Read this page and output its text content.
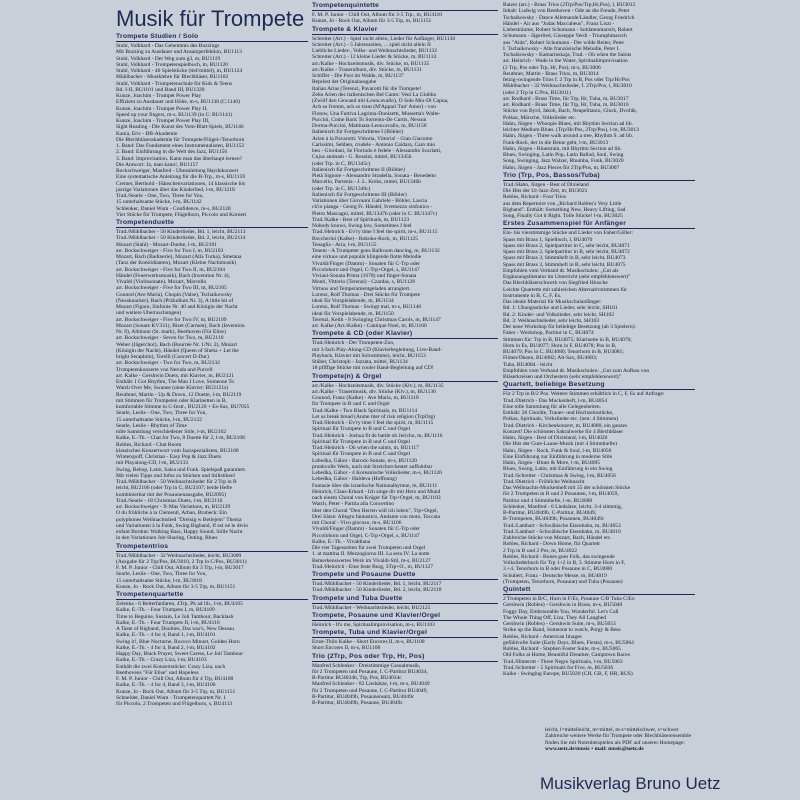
Musik für Trompete
Trompete Studien / Solo
Stuhl, Volkhard - Das Geheimnis des Buzzings
Mit Buzzing zu Ausdauer und Ansatzperfektion, BU1113
Stuhl, Volkhard - Der Weg zum g3, m, BU1119
Stuhl, Volkhard - Trompetenspielbuch, m, BU1120
Stuhl, Volkhard - 40 Spielstücke (tief/mittel), m, BU1124
Mühlbacher - Musiklehre für Blechbläser, BU1102
Stuhl, Volkhard - Trompetenschule für Kids & Teens
Bd. I-II, BU1101 und Band III, BU1328
Kunze, Joachim - Trumpet Power Play
Effizient zu Ausdauer und Höhe, m-s, BU1138 (C:1140)
Kunze, Joachim - Trumpet Power Play II,
Speed up your fingers, m-s, BU1139 (in C: BU1141)
Kunze, Joachim - Trumpet Power Play III,
Sight Reading - Die Kunst des Vom-Blatt-Spiels, BU1146
Kania, Eric - BB-Akademie
Die Blechbläserakademie für Trompete/Flügel-/Tenorhorn
1. Band: Das Fundament eines Instrumentalisten, BU1152
2. Band: Einführung in die Welt des Jazz, BU1156
3. Band: Improvisation. Kann man das überhaupt lernen?
Die Antwort: Ja, man kann!, BU1157
Bockschweiger, Manfred - Übeanleitung Haydnkonzert
Eine systematische Anleitung für die B-Trp., m-s, BU1159
Cremer, Berthold - Hänschenvariationen, 14 klassische bis
jazzige Variationen über das Kinderlied, l-m, BU1218
Trad./Searle - One, Two, Three for You,
15 unterhaltsame Stücke, l-m, BU1142
Schlenker, Daniel Wum - Confidence, m-s, BU2128
Vier Stücke für Trompete, Flügelhorn, Piccolo und Kornett
Trompetenduette
Trad./Mühlbacher - 50 Kinderlieder, Bd. 1, leicht, BU2113
Trad./Mühlbacher - 50 Kinderlieder, Bd. 2, leicht, BU2114
Mozart (Stahl) - Mozart-Duette, l-m, BU2101
arr. Bockschweiger - Five for Two I, m, BU2103
Mozart, Bach (Badinerie), Mozart (Alla Turka), Smetana
(Tanz der Komödianten), Mozart (Kleine Nachtmusik)
arr. Bockschweiger - Five for Two II, m, BU2104
Händel (Feuerwerksmusik), Bach (Invention Nr. 4),
Vivaldi (Violinsonate), Mozart, Marcello
arr. Bockschweiger - Five for Two III, m, BU2105
Gounod (Ave Maria), Chopin (Valse), Tschaikowsky
(Nussknacker), Bach (Präludium Nr. 3), A little bit of
Mozart (Figaro, Sinfonie Nr. 40 and Königin der Nacht
und weitere Überraschungen)
arr. Bockschweiger - Five for Two IV, m, BU2109
Mozart (Sonate KV331), Bizet (Carmen), Bach (Invention
Nr. 8), Albinoni (St. mark), Beethoven (Für Elise)
arr. Bockschweiger - Seven for Two, m, BU2110
Weber (Jägerchor), Bach (Bourrée Nr. 1/Nr. 2), Mozart
(Königin der Nacht), Händel (Queen of Sheba + Let the
bright Seraphim), Torelli (Concert D-Dur)
arr. Bockschweiger - Two for Two, m, BU2132
Trompetenkonzerte von Neruda und Purcell
arr. Kalke - Gershwin Duets, mit Klavier, m, BU2121
Enthält: I Got Rhythm, The Man I Love, Someone To
Watch Over Me, Swanee (ohne Klavier: BU2121s)
Reuthner, Martin - Up & Down, 12 Duette, l-m, BU2119
mit Stimmen für Trompeten oder Klarinetten in B,
komfortable Stimme in C-Instr., BU2120 + Es-Sax, BU7055
Searle, Leslie - One, Two, Three for You,
15 unterhaltsame Stücke, l-m, BU2122
Searle, Leslie - Rhythm of Time
tolle Sammlung verschiedener Stile, l-m, BU2102
Kalke, E.-Th. - Chat for Two, 8 Duette für 2, l-m, BU2108
Robles, Richard - Chat Room
klassisches Konzertwort vom Jazzspezialisten, BU2108
Winterspoff, Christian - Easy Pop & Jazz Duets
mit Playalong-CD, l-m, BU2133
Swing, Bebop, Latin, Salsa und Funk. Spielspaß garantiert.
Mit vielen Tipps und Infos zu Stücken und Stilistiken!
Trad./Mühlbacher - 50 Weihnachtslieder für 2 Trp in B
leicht, BU2106 (oder Trp in C, BU2107; beide Hefte
kombinierbar mit der Posaunenausgabe, BU2095)
Trad./Searle - 18 Christmas Duets, l-m, BU2116
arr. Bockschweiger - X-Mas Variations, m, BU2129
O du fröhliche à la Clementi, Arban, Brubeck: Ein
polyphones Weihnachtslied "Dreisig w Betlejem" Thema
und Variationen à la Funk, Swing Bigband, If est né le divin
enfant Bordun: Walking Bass, Happy Sound, Stille Nacht
in den Variationen Job-Sharing, Outing, Blues
Trompetentrios
Trad./Mühlbacher - 32 Weihnachtslieder, leicht, BU3009
(Ausgabe für 2 Trp/Pos, BU3010, 2 Trp in C/Pos, BU3011)
F. M. P. Junior - Chill Out, Album für 3 Trp, l-m, BU3017
Searle, Leslie - One, Two, Three for You,
15 unterhaltsame Stücke, l-m, BU3018
Kunze, Jo - Rock Out, Album für 3-5 Trp, m, BU1151
Trompetenquartette
Zelenka - 6 Reiterfanfaren, 4Trp, Pk ad lib., l-m, BU4105
Kalke, E.-Th. - Four Trumpets I, m, BU4109
Time to Beguine, Sustain, Le Joli Tambour, Backlash
Kalke, E.-Th. - Four Trumpets II, l-m, BU4110
A Taste of Bigband, Doubles, Das war's, New Dessau
Kalke, E.-Th. - 4 for 4, Band 1, l-m, BU4101
Swing it!, Blue Nocturne, Rococo Minuet, Golden Horn
Kalke, E.-Th. - 4 for 4, Band 2, l-m, BU4102
Happy Day, Black Prayer, Sweet Caress, Le Joli Tambour
Kalke, E.-Th. - Crazy Liza, l-m, BU4103
Enthält die zwei Konzertstücke: Crazy Liza, nach
Beethovens "Für Elise" und Hopeless
F. M. P. Junior - Chill Out, Album für 4 Trp, BU4108
Kalke, E.-Th. - 4 for 4, Band 3, l-m, BU4106
Kunze, Jo - Rock Out, Album für 3-5 Trp, m, BU1151
Schneider, Daniel Wum - Trompetenquartett Nr. 1
für Piccolo, 2 Trompeten und Flügelhorn, s, BU4113
Trompetenquintette
F. M. P. Junior - Chill Out, Album für 3-5 Trp., m, BU4110
Kunze, Jo - Rock Out, Album für 3-5 Trp, m, BU1151
Trompete & Klavier
Schreiter (Arr.) - Spiel nicht allein, Lieder für Anfänger, BU1130
Schreiter (Arr.) - 5 Jahreszeiten, ... spiel nicht allein II
Liebliche Lieder-, Volks- und Weihnachtslieder, BU1132
Schreiter (Arr.) - 12 kleine Lieder & Stücke, m, BU1133
arr./Kalke - Hochzeitsmusik, div. Stücke, m, BU1135
arr./Kalke - Traueralbum, div. Stücke, m, BU1131
Schiffer - Die Post im Walde, m, BU1137
Repriest der Originalausgabe
Italian Arias (Terenzi, Pavarotti für die Trompete!
Zehn Arien des italienischen Bel Canto: Vení La Giubba
(Zwölf den Gewand mit-Leoncavallo), O Sole Mio-Di Capua,
Ach so fromm, ach so traut (M'Apparì Tutt' Amor) - von
Flotow, Una Furtiva Lagrima-Donizetti, Mussetta's Walte-
Puccini, Come Back To Sorrento-De Curtis, Nessun
Dorma-Puccini, Mattinata-Leoncavallo, m, BU1158
Italienisch für Fortgeschrittene I (Böhler)
Arien à la Pavarotti: Vittoria, Vittoria! - Gian Giacomo
Carissimi, Sebben, crudele - Antonio Caldara, Caro mio
ben - Giordani, Se Florindo è fedele - Alessandro Scarlatti,
Cujus animam - G. Rossini, mittel, BU1345b
(oder Trp. in C, BU1345c)
Italienisch für Fortgeschrittene II (Böhler)
Pietà Signore - Alessandro Stradella, Sonata - Benedetto
Marcello, Partenia - J. L. Krebs, mittel, BU1346b
(oder Trp. in C, BU1346c)
Italienisch für Fortgeschrittene III (Böhler)
Variationen über Giovanni Gabriele - Böhler, Lascia
ch'io pianga - Georg Fr. Händel, Ivremezzo sinfonico -
Pietro Mascagni, mittel, BU1347b (oder in C: BU1347c)
Trad./Kalke - Best of Spirituals, m, BU1123
Nobody knows, Swing low, Sometimes I feel
Trad./Heinrich - Ev'ry time I feel the spirit, m-s, BU1115
Boccherini (Kalke) - Rokoko-Rock, m, BU1125
Tenaglia - Aria, l-m, BU1155
Tenent - A Trumpeter goes Ballroom dancing, m, BU1132
eine virtuos und populär klingende flotte Melodie
Vivaldi/Finger (Damm) - Sonaten für C-Trp oder
Piccolohorn und Orgel, C-Trp+Orgel, s, BU1147
Viviani-Sonata Prima (1678) und finger-Sonata
Monti, Vittorio (Terenzi) - Czardas, s, BU1128
Virtuos und Temperamentgeladen arrangiert.
Lorenz, Rolf Thomas - Drei Stücke für Trompete
ideal für Vorspielabende, m, BU1134
Lorenz, Rolf Thomas - Swingt mal, m-s, BU1146
ideal für Vorspielabende, m, BU1150
Terenzi, Keith - 8 Swinging Christmas Carols, m, BU1147
arr. Kalke (Arr./Kalke) - Cantique Noel, m, BU1160
Trompete & CD (oder Klavier)
Trad./Heinrich - Der Trompeten-Zoo,
mit 3-fach Play-Along-CD (Klavierbegleitung, Live-Band-
Playback, Klavier mit Solostimme), leicht, BU1153
Stüber, Christoph - Jazzata, mittel, BU1134
18 pfiffige Stücke mit cooler Band-Begleitung auf CD!
Trompete(n) & Orgel
arr./Kalke - Hochzeitsmusik, div. Stücke (Klv.), m, BU1135
arr./Kalke - Trauermusik, div. Stücke (Klv.), m, BU1136
Gounod, Franz (Kalke) - Ave Maria, m, BU1118
für Trompete in B und C und Orgel
Trad./Kalke - Two Black Spirituals, m, BU1114
Let us break bread (Anme titer of risk religion (TrpOrg)
Trad./Heinrich - Ev'ry time I feel the spirit, m, BU1115
Spiritual für Trompete in B und C und Orgel
Trad./Heinrich - Joshua fit de battle ob Jericho, m, BU1116
Spiritual für Trompete in B und C und Orgel
Trad./Heinrich - Oh when the saints, m, BU1117
Spiritual für Trompete in B und C und Orgel
Lebedka, Gábor - Barock-Sonate, m-s, BU1120
prunkvolle Werk, nach mit Streichorchester auffuhrbar
Lebedka, Gábor - 4 Koreanische Volkslieder, m-s, BU1126
Lebedka, Gábor - Haldeva (Hoffnung)
Fantasie über die israelische Nationalhymne, m, BU1111
Heinrich, Claus-Erhard - Ich singe dir mit Herz und Mund
nach einem Choral von Krüger für Trp+Orgel, m, BU1103
Watch, Peter - Partita alla Concertino
über den Choral "Den Herren will ich loben", Trp+Orgel,
Drei Sätze: Allegro fantastico, Andante con moto, Toccata
mit Choral - Vivo giocoso, m-s, BU1106
Vivaldi/Finger (Damm) - Sonaten für C-Trp oder
Piccolohorn und Orgel, C-Trp+Orgel, s, BU1147
Kalke, E.-Th. - Vivaldiana
Die vier Tageszeiten für zwei Trompeten und Orgel
1. at mattina II. Mezzogiorno III. La sera IV. La notte
Bemerkenswertes Werk im Vivaldi-Stil, m-s, BU2127
Trad./Heinrich - Eine feste Burg, 3Trp+O., m, BU1127
Trompete und Posaune Duette
Trad./Mühlbacher - 50 Kinderlieder, Bd. 1, leicht, BU2117
Trad./Mühlbacher - 50 Kinderlieder, Bd. 2, leicht, BU2118
Trompete und Tuba Duette
Trad./Mühlbacher - Weihnachtslieder, leicht, BU2125
Trompete, Posaune und Klavier/Orgel
Heinrich - It's me, Spiritualimprovisation, m-s, BU1103
Trompete, Tuba und Klavier/Orgel
Ernst-Thilo Kalke - Short Encores II, m-s, BU1108
Short Encores II, m-s, BU1108
Trio (2Trp, Pos oder Trp, Hr, Pos)
Manfred Schlenker - Dreistimmige Casualmusik,
für 2 Trompeten und Posaune, I. C-Partitur BU4034,
B-Partitur BU4034b, Trp, Pos, BU4034c
Manfred Schlenker - 82 Liedsätze, l-m, m-s, BU4049
für 2 Trompeten und Posaune, I. C-Partitur BU4049,
B-Partitur, BU4049b, Posaunensatz, BU4049c
B-Partitur, BU4049b, Posaune, BU4049c
Ratzer (arr.) - Brass Trios (2Trp/Pos/Trp,Hr,Pos), l, BU3012
Inhalt: Ludwig von Beethoven - Ode an die Freude, Peter
Tschaikowsky - Dance Allemande/Ländler, Georg Friedrich
Händel - Air aus "Judas Maccabeus", Franz Liszt -
Liebesträume, Robert Schumann - Soldatenmarsch, Robert
Schumann - Jägerlied, Giuseppe Verdi - Triumphmarsch
aus "Aida", Robert Schumann - Der wilde Reiter, Peter
I. Tschaikowsky - Alte französische Melodie, Peter I.
Tschaikowsky - Kamarinskaja, Trad. - Oh when the Saints
arr. Heinrich - Wade in the Water, Spiritualimprovisation
(2 Trp, Pos oder Trp, Hr, Pos), m-s, BU3006
Reuthner, Martin - Brass Trios, m, BU3014
fetzig-swingende Trios f. 2 Trp in B, Pos oder Trp/Hr/Pos
Mühlbacher - 32 Weihnachtslieder, f. 2Trp/Pos, l, BU3010
(oder 2 Trp in C/Pos, BU3011)
arr. Rodhard - Brass Time, für Trp, Hr, Tuba, m, BU3017
arr. Rodhard - Brass Time, für Trp, Hr, Tuba, m, BU3016
Stücke von Byrd, Jakob, Bach, Neapelitanio, Gluck, Dvořák,
Polkas, Märsche, Volkslieder etc.
Hahn, Jürgen - Whoopie Blues, mit Rhythm Section ad lib.
leichter Medium Blues. (Trp/Hr/Pos, 2Trp/Pos), l-m, BU3013
Hahn, Jürgen - Three walk around a tree, Rhythm S. ad lib.
Funk-Rock, der in die Beine geht, l-m, BU3013
Hahn, Jürgen - Bluestrain, mit Rhythm Section ad lib.
Blues, Swinging, Latin Pop, Latin Ballad, Soul, Swing
Song, Swinging, Jazz Walzer, Rhumba, Funk, BU3020
Hahn, Jürgen - Jazz Pieces für 2Trp/Pos, m, BU3007
Trio (Trp, Pos, Bassos/Tuba)
Trad./Hahn, Jürgen - Best of Dixieland
Die Hits der Ur-Jazz-Zeit, m, BU3021
Robles, Richard - Four Trios
aus dem Repertoire von „Richard Robles's Very Little
Bigband". Enthält: Something New, Heavy Lifting, Sad
Song, Finally Got it Right. Tolle Stücke! l-m, BU3025
Erstes Zusammenspiel für Anfänger
Ein- bis vierstimmige Stücke und Lieder von Faber/Göller:
Spass mit Brass 1, Spielbuch, l, BU4070
Spass mit Brass 2, Spielpartitur in C, sehr leicht, BU4071
Spass mit Brass 2, Spielpartitur in B, sehr leicht, BU4072
Spass mit Brass 3, Stimmheft in B, sehr leicht, BU4073
Spass mit Brass 3, Stimmheft in B, sehr leicht, BU4075
Empfohlen vom Verband dt. Musikschulen: „Gut als
Ergänzungsliteratur im Unterricht (sehr empfehlenswert)"
Das Blechbläserschwerk von Siegfried Hinsche
Leichte Quartette mit zahlreichen Alternativstimmen für
Instrumente in B, C, F, Es.
Das ideale Material für Musikschulanfänger:
Bd. 1: Übungsstücke und Lieder, sehr leicht, SH101
Bd. 2: Kinder- und Volkslieder, sehr leicht, SH102
Bd. 3: Weihnachtslieder, sehr leicht, SH103
Der neue Workshop für beliebige Besetzung (ab 3 Spielern):
Faber - Workshop, Partitur in C, BU4074
Stimmen für: Trp in B, BU4075; Klarinette in B, BU4076;
Horn in Es, BU4077; Horn in F, BU4078; Pos in B,
BU4079; Pos in C, BU4080; Tenorhorn in B, BU4081;
Flöten/Oboen, BU4082; Alt-Sax, BU4083;
Tuba, BU4084 - leicht
Empfohlen vom Verband dt. Musikschulen: „Gut zum Aufbau von
Bläserkreisen und Orchestern (sehr empfehlenswert)"
Quartett, beliebige Besetzung
Für 2 Trp in B/2 Pos. Weitere Stimmen erhältlich in C, F, Es auf Anfrage:
Trad./Dietrich - Das Muckenheft, l-m, BU4054
Eine tolle Sammlung für alle Gelegenheiten.
Enthält: 26 Choräle, Trauer- und Hochzeitsstücke,
Polkas, Spirituals, Volkslieder etc. (neu: 4 Stimmen)
Trad./Dietrich - Kirchenkonzert, m, BU4080, ein ganzes
Konzert! Die schönsten Sakralwerke für 4 Blechbläser
Hahn, Jürgen - Best of Dixieland, l-m, BU4020
Die Hits der Gute-Laune-Musik (mit 4 Stimmhefte)
Hahn, Jürgen - Rock, Funk & Soul, l-m, BU4050
Eine Einführung zur Einführung in moderne Stile
Hahn, Jürgen - Blues & More, l-m, BU4095
Blues, Swing, Latin, mit Einführung in ein Swing
Trad./Schreiter - Christmas & Swing, l-m, BU4056
Trad./Dietrich - Fröhliche Weihnacht
Das Weihnachts-Muckenheft mit 35 der schönsten Stücke
für 2 Trompeten in B und 2 Posaunen, l-m, BU4059,
Partitur und 4 Stimmhefte, l-m, BU4088
Schlenker, Manfred - 6 Liedsätze, leicht, 3-4 stimmig,
B-Partitur, BU4049b, C-Partitur, BU4049,
B-Trompeten, BU4049b, Posaunen, BU4049c
Trad./Lambart - Schwäbische Eisenbahn, m, BU4053
Trad./Lambart - Schwäbische Eisenbahn, m, BU4010
Zahlreiche Stücke von Mozart, Bach, Händel etc.
Robles, Richard - Down Home, für Quartett
2 Trp in B und 2 Pos, m, BU4022
Robles, Richard - Bones goes Folk, das swingende
Volksliederbuch für Trp 1+2 in B, 3. Stimme Horn in F,
3.+4. Tenorhorn in B oder Posaune in C, BU4000
Schubert, Franz - Deutsche Messe, m, BU4019
(Trompeten, Tenorhorn, Posaune) und Tuba (Posaune)
Quintett
2 Trompeten in B/C, Horn in F/Es, Posaune C/B Tuba C/Es:
Gershwin (Robles) - Gershwin in Brass, m-s, BU5040
Foggy Day, Embraceable You, Wonderful. Let's Call
The Whole Thing Off, Liza, They All Laughed
Gershwin (Robles) - Gershwin Suite, m-s, BU5053
Strike up the Band, Someone to watch, Porgy & Bess
Robles, Richard - American Images
gefühlvolle Suite (Early Days, Blues, Fiesta), m-s, BU5064
Robles, Richard - Stephen Foster Suite, m-s, BU5065
Old Folks at Home, Beautiful Dreamer, Camptown Races
Trad./Hinterott - Three Negro Spirituals, l-m, BU5063
Trad./Schreiter - 5 Spirituals for Five, m, BU5036
Kalke - Swinging Europe, BU5020 (CH, GB, F, HR, RUS)
leicht, l=mittelleicht, m=mittel, m-s=mittelschwer, s=schwer
Zahlreiche weitere Werke für Trompete oder Blechbläserensemble
finden Sie mit Notenbeispielen als PDF auf unserer Homepage:
www.uetz.de/music • mail: music@uetz.de
Musikverlag Bruno Uetz
